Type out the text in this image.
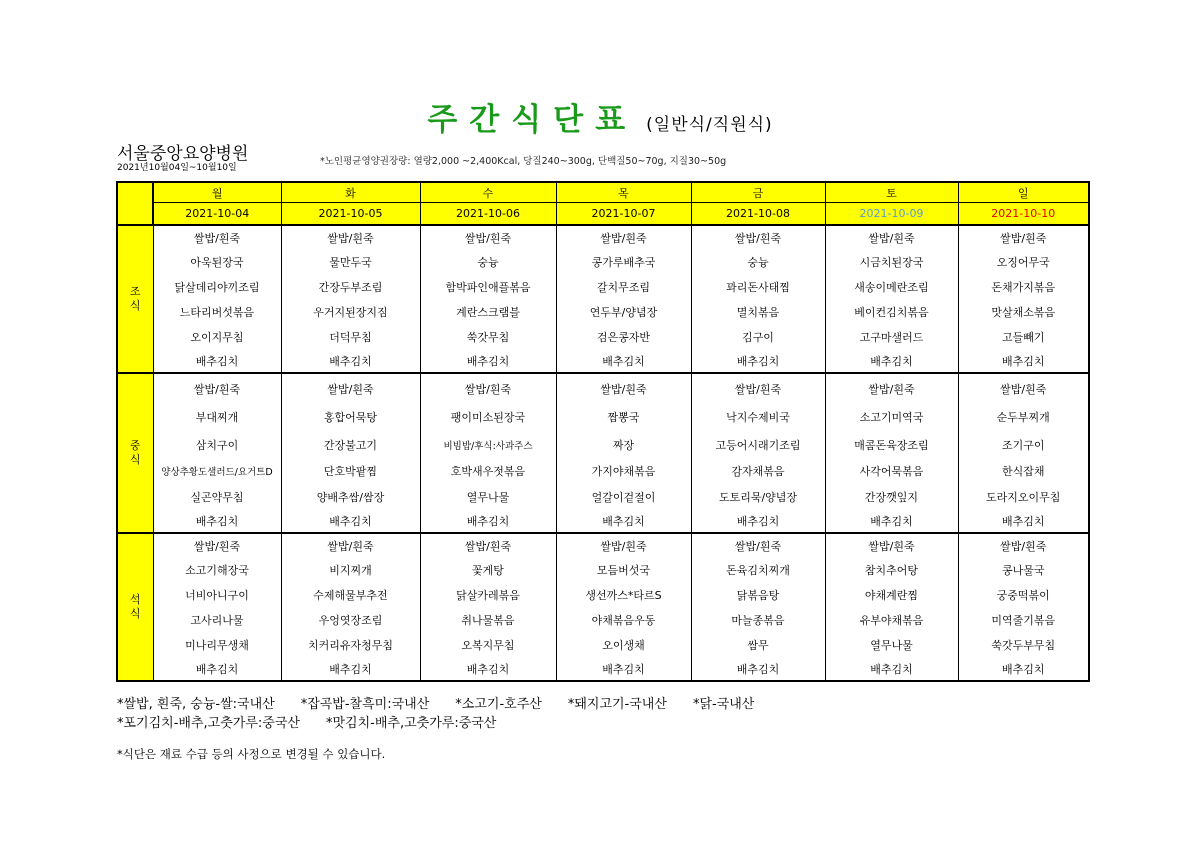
주간식단표 (일반식/직원식)
서울중앙요양병원
2021년10월04일~10월10일
*노인평균영양권장량: 열량2,000 ~2,400Kcal, 당질240~300g, 단백질50~70g, 지질30~50g
	월	화	수	목	금	토	일
	2021-10-04	2021-10-05	2021-10-06	2021-10-07	2021-10-08	2021-10-09	2021-10-10

조
식	쌀밥/흰죽	쌀밥/흰죽	쌀밥/흰죽	쌀밥/흰죽	쌀밥/흰죽	쌀밥/흰죽	쌀밥/흰죽
	아욱된장국	물만두국	숭늉	콩가루배추국	숭늉	시금치된장국	오징어무국
	닭살데리야끼조림	간장두부조림	함박파인애플볶음	갈치무조림	꽈리돈사태찜	새송이메란조림	돈채가지볶음
	느타리버섯볶음	우거지된장지짐	계란스크램블	연두부/양념장	멸치볶음	베이컨김치볶음	맛살채소볶음
	오이지무침	더덕무침	쑥갓무침	검은콩자반	김구이	고구마샐러드	고들빼기
	배추김치	배추김치	배추김치	배추김치	배추김치	배추김치	배추김치

중
식	쌀밥/흰죽	쌀밥/흰죽	쌀밥/흰죽	쌀밥/흰죽	쌀밥/흰죽	쌀밥/흰죽	쌀밥/흰죽
	부대찌개	홍합어묵탕	팽이미소된장국	짬뽕국	낙지수제비국	소고기미역국	순두부찌개
	삼치구이	간장불고기	비빔밥/후식:사과주스	짜장	고등어시래기조림	매콤돈육장조림	조기구이
	양상추황도샐러드/요거트D	단호박팥찜	호박새우젓볶음	가지야채볶음	감자채볶음	사각어묵볶음	한식잡채
	실곤약무침	양배추쌈/쌈장	열무나물	얼갈이겉절이	도토리묵/양념장	간장깻잎지	도라지오이무침
	배추김치	배추김치	배추김치	배추김치	배추김치	배추김치	배추김치

석
식	쌀밥/흰죽	쌀밥/흰죽	쌀밥/흰죽	쌀밥/흰죽	쌀밥/흰죽	쌀밥/흰죽	쌀밥/흰죽
	소고기해장국	비지찌개	꽃게탕	모듬버섯국	돈육김치찌개	참치추어탕	콩나물국
	너비아니구이	수제해물부추전	닭살카레볶음	생선까스*타르S	닭볶음탕	야채계란찜	궁중떡볶이
	고사리나물	우엉엿장조림	취나물볶음	야채볶음우동	마늘종볶음	유부야채볶음	미역줄기볶음
	미나리무생채	치커리유자청무침	오복지무침	오이생채	쌈무	열무나물	쑥갓두부무침
	배추김치	배추김치	배추김치	배추김치	배추김치	배추김치	배추김치
*쌀밥, 흰죽, 숭늉-쌀:국내산 *잡곡밥-찰흑미:국내산 *소고기-호주산 *돼지고기-국내산 *닭-국내산
*포기김치-배추,고춧가루:중국산 *맛김치-배추,고춧가루:중국산
*식단은 재료 수급 등의 사정으로 변경될 수 있습니다.
